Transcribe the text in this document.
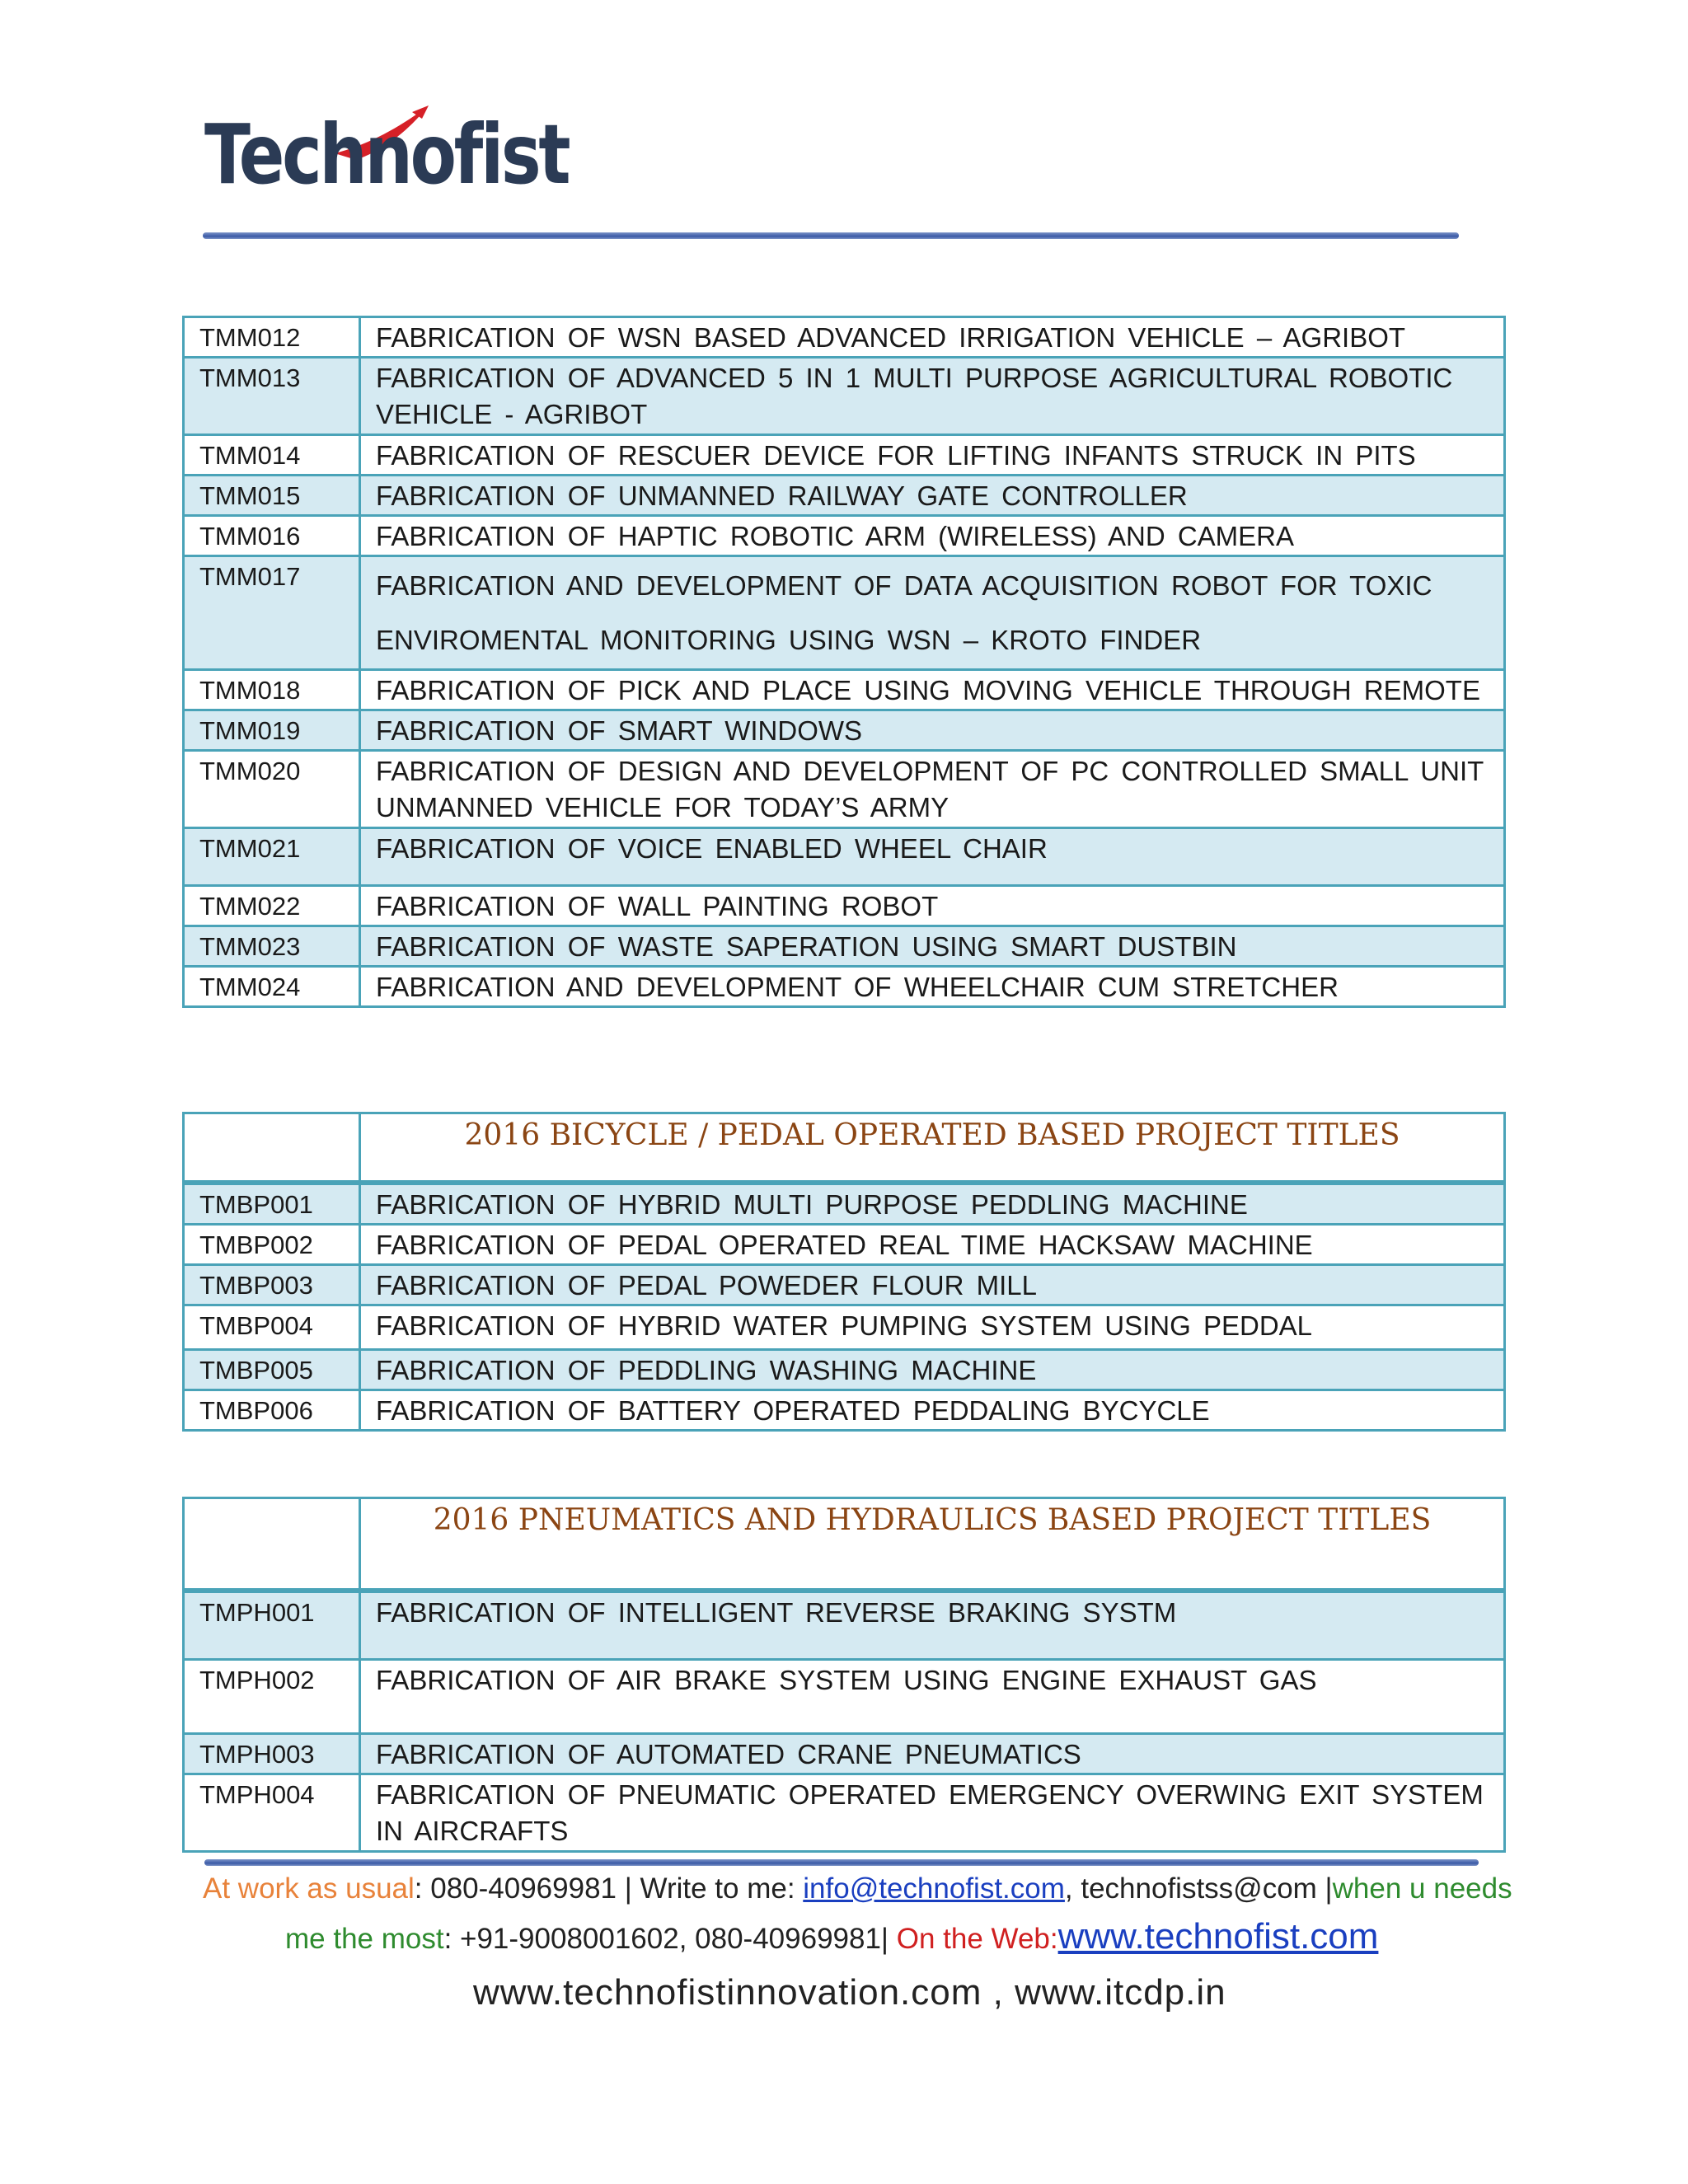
Technofist
TMM012	FABRICATION OF WSN BASED ADVANCED IRRIGATION VEHICLE – AGRIBOT
TMM013	FABRICATION OF ADVANCED 5 IN 1 MULTI PURPOSE AGRICULTURAL ROBOTIC VEHICLE - AGRIBOT
TMM014	FABRICATION OF RESCUER DEVICE FOR LIFTING INFANTS STRUCK IN PITS
TMM015	FABRICATION OF UNMANNED RAILWAY GATE CONTROLLER
TMM016	FABRICATION OF HAPTIC ROBOTIC ARM (WIRELESS) AND CAMERA
TMM017	FABRICATION AND DEVELOPMENT OF DATA ACQUISITION ROBOT FOR TOXIC ENVIROMENTAL MONITORING USING WSN – KROTO FINDER
TMM018	FABRICATION OF PICK AND PLACE USING MOVING VEHICLE THROUGH REMOTE
TMM019	FABRICATION OF SMART WINDOWS
TMM020	FABRICATION OF DESIGN AND DEVELOPMENT OF PC CONTROLLED SMALL UNIT UNMANNED VEHICLE FOR TODAY’S ARMY
TMM021	FABRICATION OF VOICE ENABLED WHEEL CHAIR
TMM022	FABRICATION OF WALL PAINTING ROBOT
TMM023	FABRICATION OF WASTE SAPERATION USING SMART DUSTBIN
TMM024	FABRICATION AND DEVELOPMENT OF WHEELCHAIR CUM STRETCHER
	2016 BICYCLE / PEDAL OPERATED BASED PROJECT TITLES
TMBP001	FABRICATION OF HYBRID MULTI PURPOSE PEDDLING MACHINE
TMBP002	FABRICATION OF PEDAL OPERATED REAL TIME HACKSAW MACHINE
TMBP003	FABRICATION OF PEDAL POWEDER FLOUR MILL
TMBP004	FABRICATION OF HYBRID WATER PUMPING SYSTEM USING PEDDAL
TMBP005	FABRICATION OF PEDDLING WASHING MACHINE
TMBP006	FABRICATION OF BATTERY OPERATED PEDDALING BYCYCLE
	2016 PNEUMATICS AND HYDRAULICS BASED PROJECT TITLES
TMPH001	FABRICATION OF INTELLIGENT REVERSE BRAKING SYSTM
TMPH002	FABRICATION OF AIR BRAKE SYSTEM USING ENGINE EXHAUST GAS
TMPH003	FABRICATION OF AUTOMATED CRANE PNEUMATICS
TMPH004	FABRICATION OF PNEUMATIC OPERATED EMERGENCY OVERWING EXIT SYSTEM IN AIRCRAFTS
At work as usual: 080-40969981 | Write to me: info@technofist.com, technofistss@com |when u needs
me the most: +91-9008001602, 080-40969981| On the Web:www.technofist.com
www.technofistinnovation.com , www.itcdp.in
